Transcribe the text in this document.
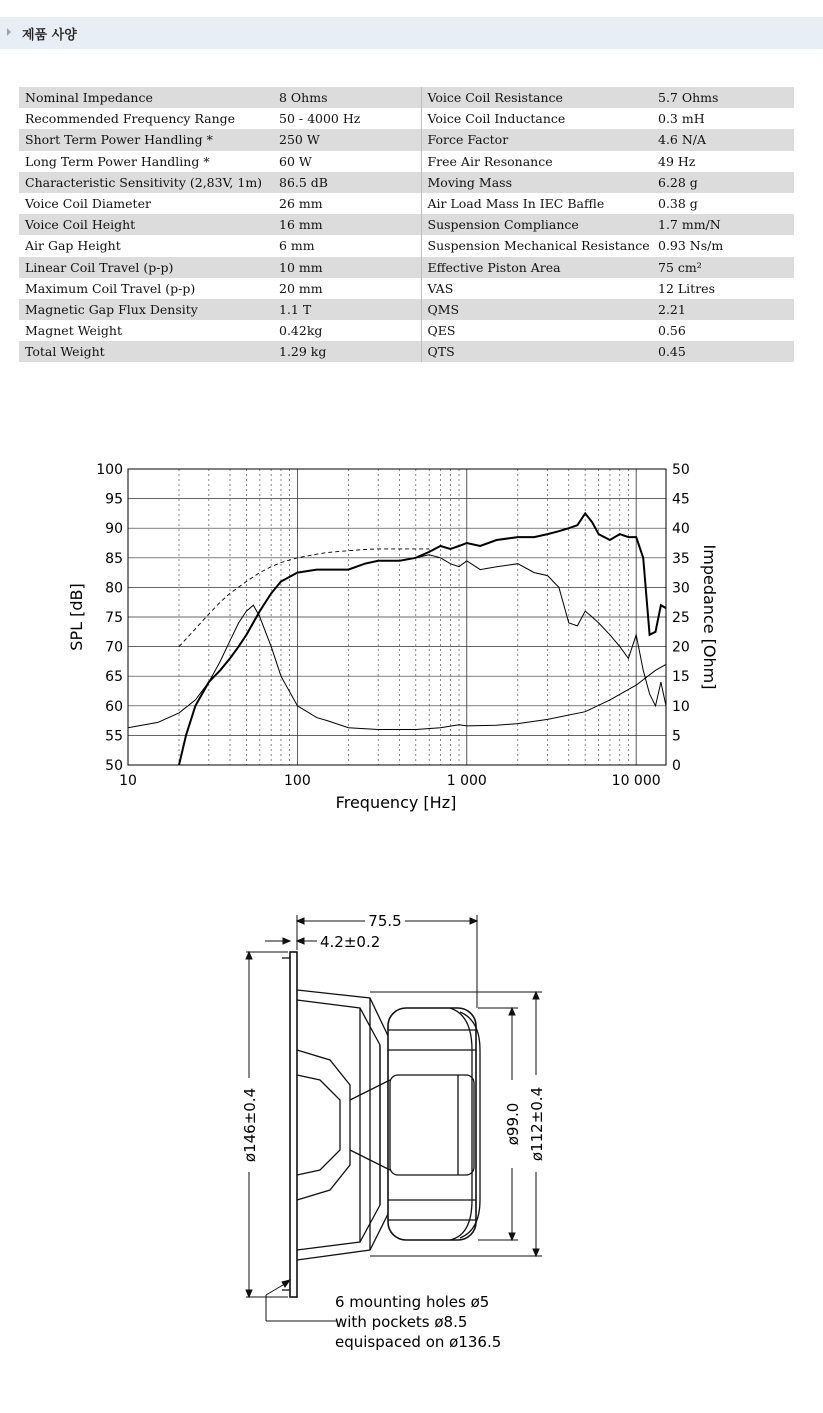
제품 사양
Nominal Impedance	8 Ohms	Voice Coil Resistance	5.7 Ohms
Recommended Frequency Range	50 - 4000 Hz	Voice Coil Inductance	0.3 mH
Short Term Power Handling *	250 W	Force Factor	4.6 N/A
Long Term Power Handling *	60 W	Free Air Resonance	49 Hz
Characteristic Sensitivity (2,83V, 1m)	86.5 dB	Moving Mass	6.28 g
Voice Coil Diameter	26 mm	Air Load Mass In IEC Baffle	0.38 g
Voice Coil Height	16 mm	Suspension Compliance	1.7 mm/N
Air Gap Height	6 mm	Suspension Mechanical Resistance	0.93 Ns/m
Linear Coil Travel (p-p)	10 mm	Effective Piston Area	75 cm²
Maximum Coil Travel (p-p)	20 mm	VAS	12 Litres
Magnetic Gap Flux Density	1.1 T	QMS	2.21
Magnet Weight	0.42kg	QES	0.56
Total Weight	1.29 kg	QTS	0.45
10	100	1 000	10 000
100
95
90
85
80
75
70
65
60
55
50
50
45
40
35
30
25
20
15
10
5
0
Frequency [Hz]
SPL [dB]	Impedance [Ohm]
75.5
4.2±0.2
ø146±0.4	ø99.0 ø112±0.4
6 mounting holes ø5
with pockets ø8.5
equispaced on ø136.5
